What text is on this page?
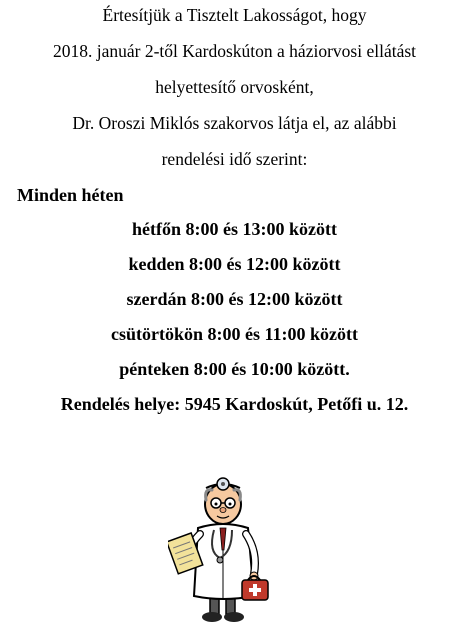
Értesítjük a Tisztelt Lakosságot, hogy
2018. január 2-től Kardoskúton a háziorvosi ellátást
helyettesítő orvosként,
Dr. Oroszi Miklós szakorvos látja el, az alábbi
rendelési idő szerint:
Minden héten
hétfőn 8:00 és 13:00 között
kedden 8:00 és 12:00 között
szerdán 8:00 és 12:00 között
csütörtökön 8:00 és 11:00 között
pénteken 8:00 és 10:00 között.
Rendelés helye: 5945 Kardoskút, Petőfi u. 12.
